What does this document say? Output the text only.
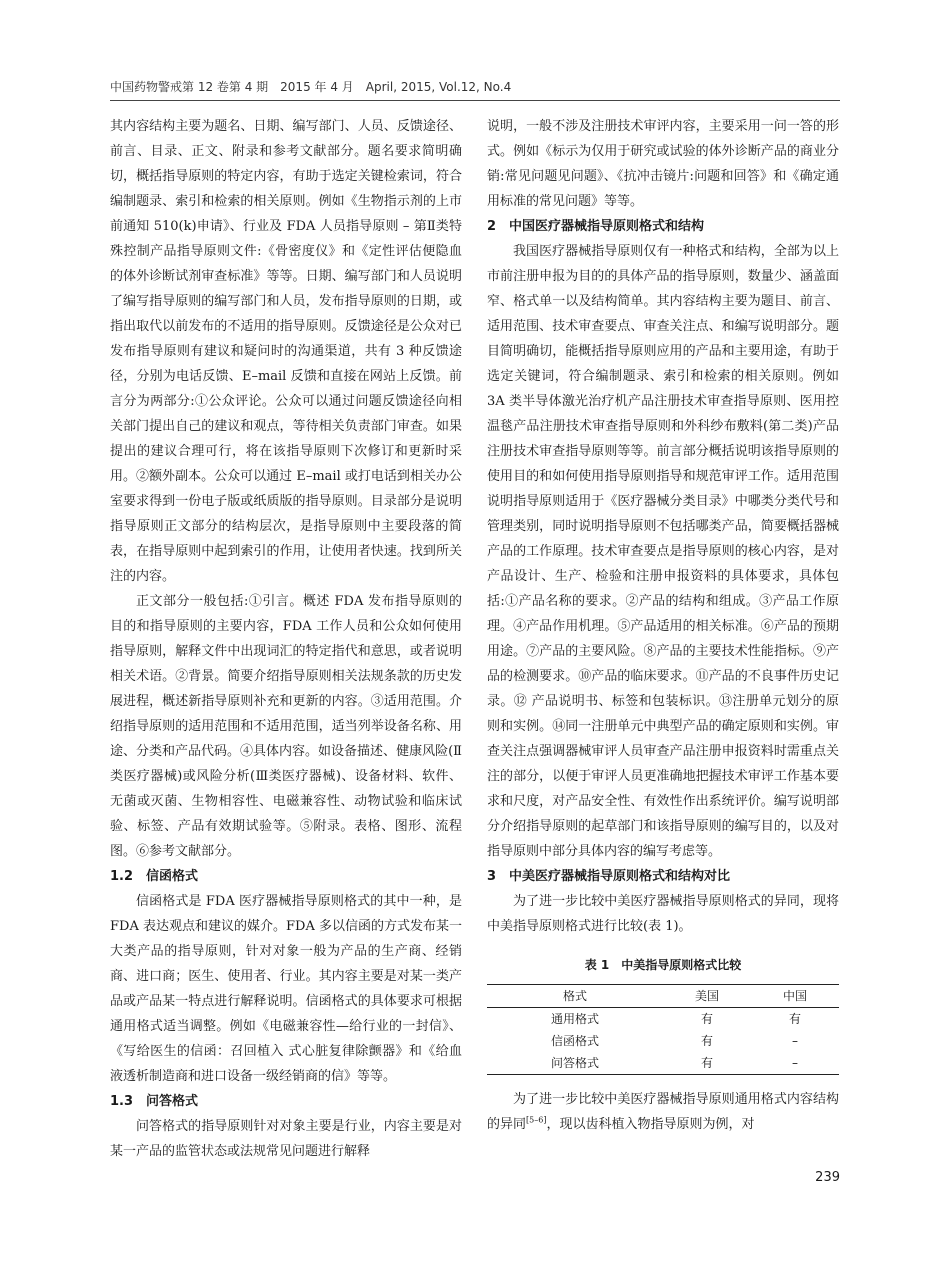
中国药物警戒第 12 卷第 4 期　2015 年 4 月　April, 2015, Vol.12, No.4

其内容结构主要为题名、日期、编写部门、人员、反馈途径、前言、目录、正文、附录和参考文献部分。题名要求简明确切，概括指导原则的特定内容，有助于选定关键检索词，符合编制题录、索引和检索的相关原则。例如《生物指示剂的上市前通知 510(k)申请》、行业及 FDA 人员指导原则 – 第Ⅱ类特殊控制产品指导原则文件:《骨密度仪》和《定性评估便隐血的体外诊断试剂审查标准》等等。日期、编写部门和人员说明了编写指导原则的编写部门和人员，发布指导原则的日期，或指出取代以前发布的不适用的指导原则。反馈途径是公众对已发布指导原则有建议和疑问时的沟通渠道，共有 3 种反馈途径，分别为电话反馈、E–mail 反馈和直接在网站上反馈。前言分为两部分:①公众评论。公众可以通过问题反馈途径向相关部门提出自己的建议和观点，等待相关负责部门审查。如果提出的建议合理可行，将在该指导原则下次修订和更新时采用。②额外副本。公众可以通过 E–mail 或打电话到相关办公室要求得到一份电子版或纸质版的指导原则。目录部分是说明指导原则正文部分的结构层次，是指导原则中主要段落的简表，在指导原则中起到索引的作用，让使用者快速。找到所关注的内容。

正文部分一般包括:①引言。概述 FDA 发布指导原则的目的和指导原则的主要内容，FDA 工作人员和公众如何使用指导原则，解释文件中出现词汇的特定指代和意思，或者说明相关术语。②背景。简要介绍指导原则相关法规条款的历史发展进程，概述新指导原则补充和更新的内容。③适用范围。介绍指导原则的适用范围和不适用范围，适当列举设备名称、用途、分类和产品代码。④具体内容。如设备描述、健康风险(Ⅱ类医疗器械)或风险分析(Ⅲ类医疗器械)、设备材料、软件、无菌或灭菌、生物相容性、电磁兼容性、动物试验和临床试验、标签、产品有效期试验等。⑤附录。表格、图形、流程图。⑥参考文献部分。

1.2　信函格式

信函格式是 FDA 医疗器械指导原则格式的其中一种，是 FDA 表达观点和建议的媒介。FDA 多以信函的方式发布某一大类产品的指导原则，针对对象一般为产品的生产商、经销商、进口商；医生、使用者、行业。其内容主要是对某一类产品或产品某一特点进行解释说明。信函格式的具体要求可根据通用格式适当调整。例如《电磁兼容性—给行业的一封信》、《写给医生的信函：召回植入 式心脏复律除颤器》和《给血液透析制造商和进口设备一级经销商的信》等等。

1.3　问答格式

问答格式的指导原则针对对象主要是行业，内容主要是对某一产品的监管状态或法规常见问题进行解释

说明，一般不涉及注册技术审评内容，主要采用一问一答的形式。例如《标示为仅用于研究或试验的体外诊断产品的商业分销:常见问题见问题》、《抗冲击镜片:问题和回答》和《确定通用标准的常见问题》等等。

2　中国医疗器械指导原则格式和结构

我国医疗器械指导原则仅有一种格式和结构，全部为以上市前注册申报为目的的具体产品的指导原则，数量少、涵盖面窄、格式单一以及结构简单。其内容结构主要为题目、前言、适用范围、技术审查要点、审查关注点、和编写说明部分。题目简明确切，能概括指导原则应用的产品和主要用途，有助于选定关键词，符合编制题录、索引和检索的相关原则。例如 3A 类半导体激光治疗机产品注册技术审查指导原则、医用控温毯产品注册技术审查指导原则和外科纱布敷料(第二类)产品注册技术审查指导原则等等。前言部分概括说明该指导原则的使用目的和如何使用指导原则指导和规范审评工作。适用范围说明指导原则适用于《医疗器械分类目录》中哪类分类代号和管理类别，同时说明指导原则不包括哪类产品，简要概括器械产品的工作原理。技术审查要点是指导原则的核心内容，是对产品设计、生产、检验和注册申报资料的具体要求，具体包括:①产品名称的要求。②产品的结构和组成。③产品工作原理。④产品作用机理。⑤产品适用的相关标准。⑥产品的预期用途。⑦产品的主要风险。⑧产品的主要技术性能指标。⑨产品的检测要求。⑩产品的临床要求。⑪产品的不良事件历史记录。⑫ 产品说明书、标签和包装标识。⑬注册单元划分的原则和实例。⑭同一注册单元中典型产品的确定原则和实例。审查关注点强调器械审评人员审查产品注册申报资料时需重点关注的部分，以便于审评人员更准确地把握技术审评工作基本要求和尺度，对产品安全性、有效性作出系统评价。编写说明部分介绍指导原则的起草部门和该指导原则的编写目的，以及对指导原则中部分具体内容的编写考虑等。

3　中美医疗器械指导原则格式和结构对比

为了进一步比较中美医疗器械指导原则格式的异同，现将中美指导原则格式进行比较(表 1)。

表 1　中美指导原则格式比较
格式	美国	中国
通用格式	有	有
信函格式	有	–
问答格式	有	–

为了进一步比较中美医疗器械指导原则通用格式内容结构的异同[5–6]，现以齿科植入物指导原则为例，对

239
